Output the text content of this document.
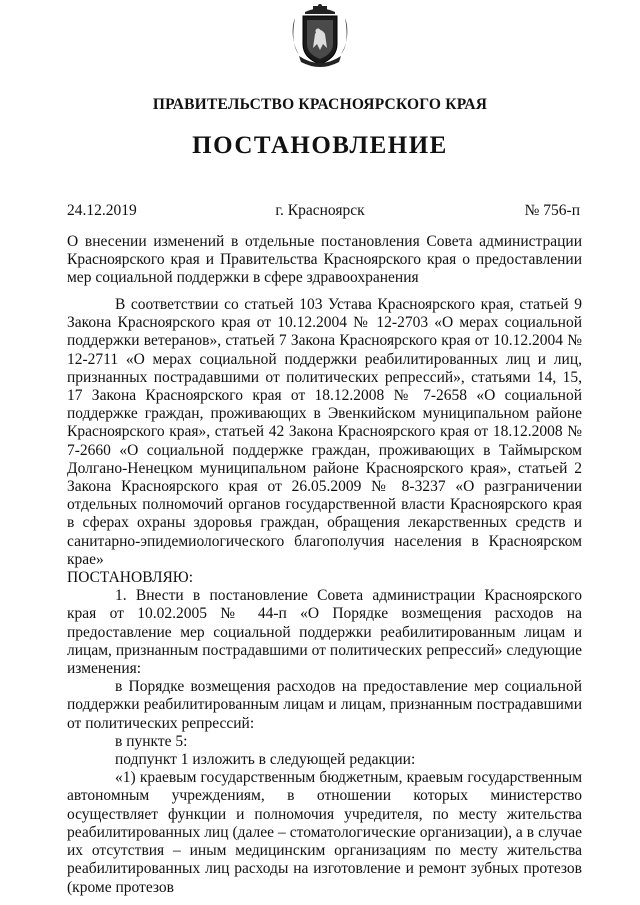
ПРАВИТЕЛЬСТВО КРАСНОЯРСКОГО КРАЯ
ПОСТАНОВЛЕНИЕ
24.12.2019	г. Красноярск	№ 756-п
О внесении изменений в отдельные постановления Совета администрации Красноярского края и Правительства Красноярского края о предоставлении мер социальной поддержки в сфере здравоохранения

В соответствии со статьей 103 Устава Красноярского края, статьей 9 Закона Красноярского края от 10.12.2004 № 12-2703 «О мерах социальной поддержки ветеранов», статьей 7 Закона Красноярского края от 10.12.2004 № 12-2711 «О мерах социальной поддержки реабилитированных лиц и лиц, признанных пострадавшими от политических репрессий», статьями 14, 15, 17 Закона Красноярского края от 18.12.2008 № 7-2658 «О социальной поддержке граждан, проживающих в Эвенкийском муниципальном районе Красноярского края», статьей 42 Закона Красноярского края от 18.12.2008 № 7-2660 «О социальной поддержке граждан, проживающих в Таймырском Долгано-Ненецком муниципальном районе Красноярского края», статьей 2 Закона Красноярского края от 26.05.2009 № 8-3237 «О разграничении отдельных полномочий органов государственной власти Красноярского края в сферах охраны здоровья граждан, обращения лекарственных средств и санитарно-эпидемиологического благополучия населения в Красноярском крае»

ПОСТАНОВЛЯЮ:

1. Внести в постановление Совета администрации Красноярского края от 10.02.2005 № 44-п «О Порядке возмещения расходов на предоставление мер социальной поддержки реабилитированным лицам и лицам, признанным пострадавшими от политических репрессий» следующие изменения:

в Порядке возмещения расходов на предоставление мер социальной поддержки реабилитированным лицам и лицам, признанным пострадавшими от политических репрессий:

в пункте 5:

подпункт 1 изложить в следующей редакции:

«1) краевым государственным бюджетным, краевым государственным автономным учреждениям, в отношении которых министерство осуществляет функции и полномочия учредителя, по месту жительства реабилитированных лиц (далее – стоматологические организации), а в случае их отсутствия – иным медицинским организациям по месту жительства реабилитированных лиц расходы на изготовление и ремонт зубных протезов (кроме протезов
